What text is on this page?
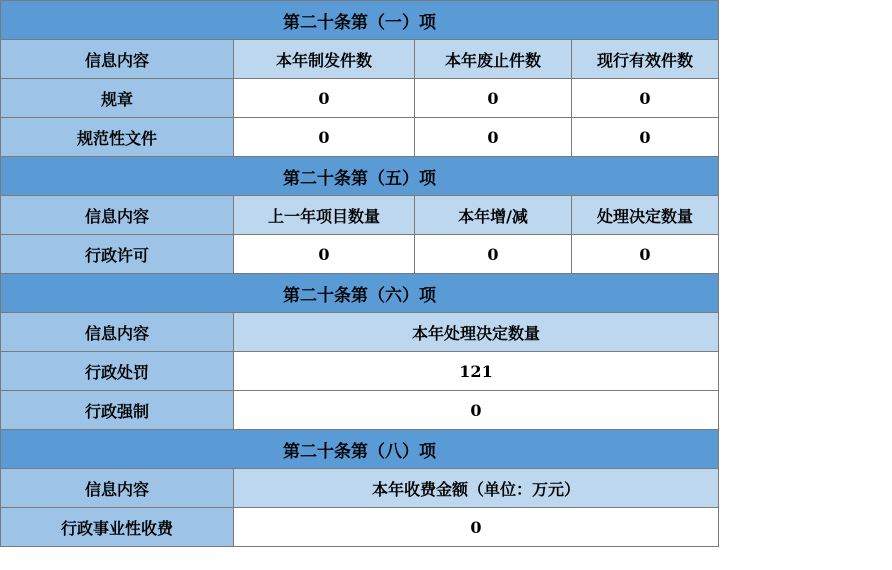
第二十条第（一）项			
信息内容	本年制发件数	本年废止件数	现行有效件数
规章	0	0	0
规范性文件	0	0	0
第二十条第（五）项			
信息内容	上一年项目数量	本年增/减	处理决定数量
行政许可	0	0	0
第二十条第（六）项			
信息内容	本年处理决定数量		
行政处罚	121		
行政强制	0		
第二十条第（八）项			
信息内容	本年收费金额（单位：万元）		
行政事业性收费	0		
